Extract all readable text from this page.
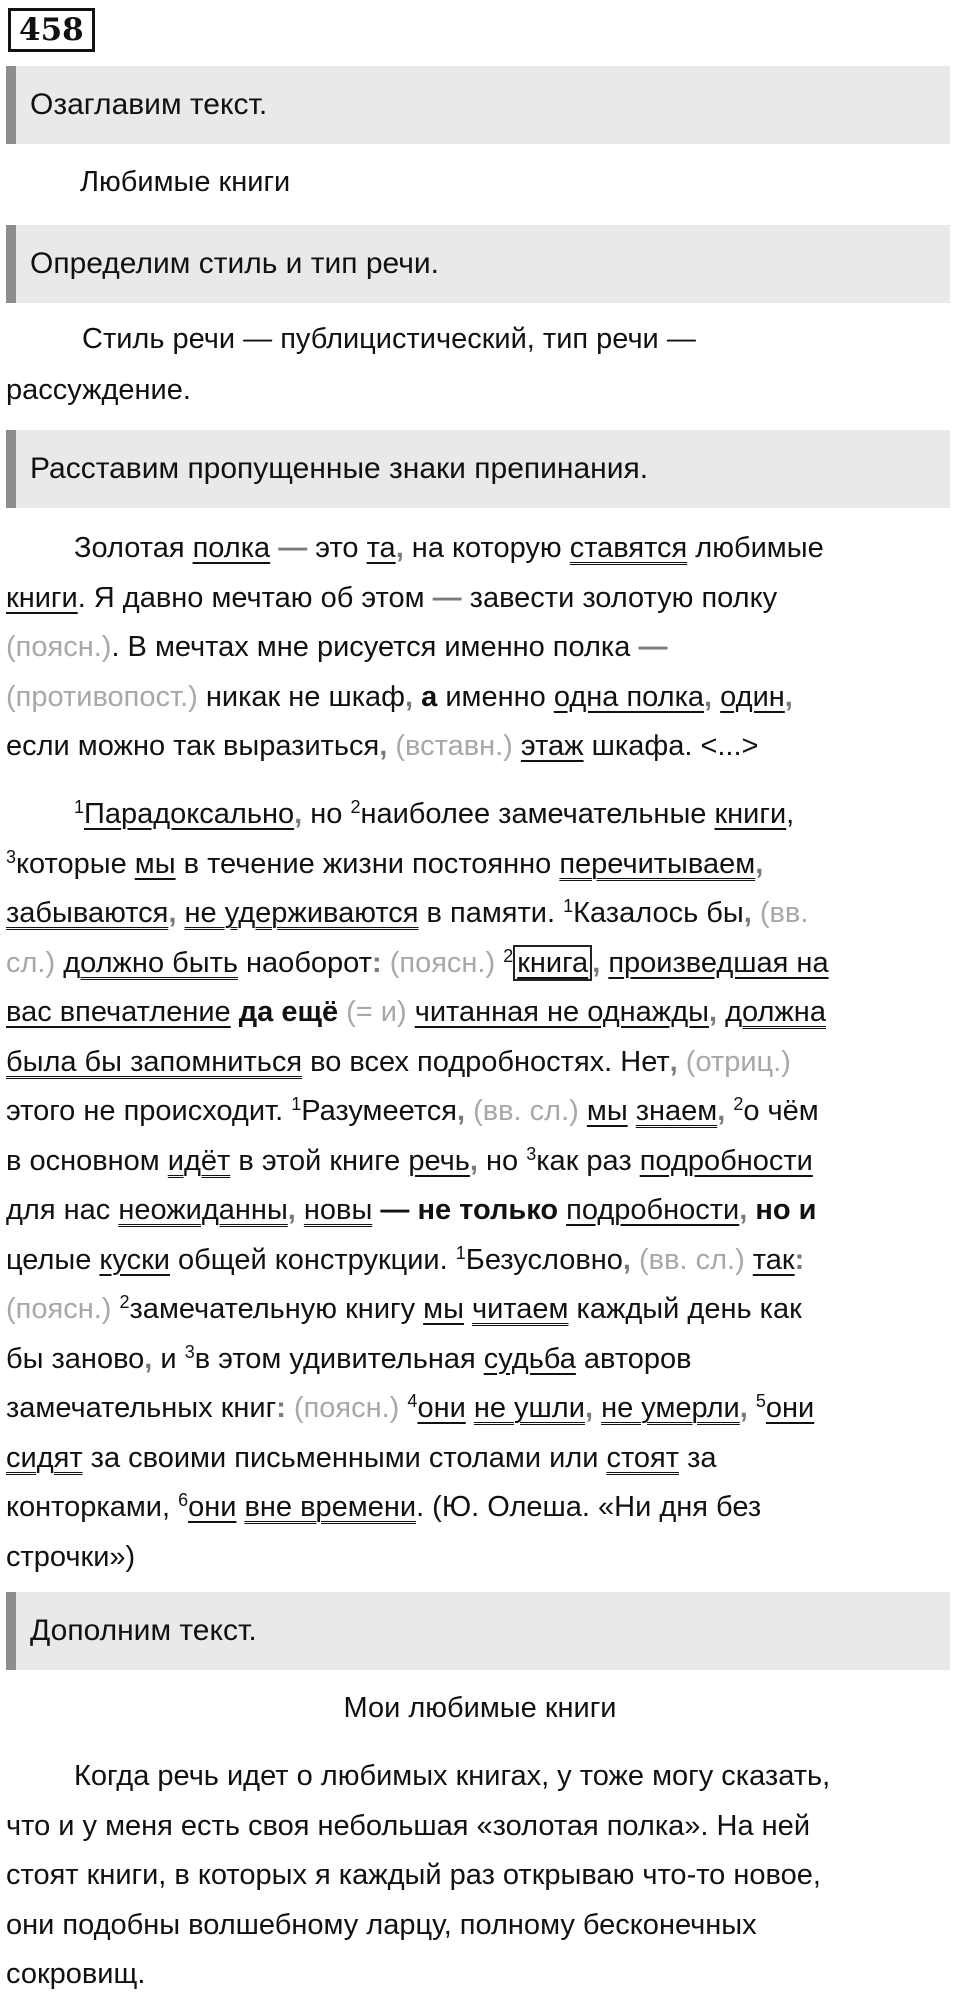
458
Озаглавим текст.
Любимые книги
Определим стиль и тип речи.
Стиль речи — публицистический, тип речи —
рассуждение.
Расставим пропущенные знаки препинания.
Золотая полка — это та, на которую ставятся любимые
книги. Я давно мечтаю об этом — завести золотую полку
(поясн.). В мечтах мне рисуется именно полка —
(противопост.) никак не шкаф, а именно одна полка, один,
если можно так выразиться, (вставн.) этаж шкафа. <...>
$^1$Парадоксально, но $^2$наиболее замечательные книги,
$^3$которые мы в течение жизни постоянно перечитываем,
забываются, не удерживаются в памяти. $^1$Казалось бы, (вв.
сл.) должно быть наоборот: (поясн.) $^2$ книга , произведшая на
вас впечатление да ещё (= и) читанная не однажды, должна
была бы запомниться во всех подробностях. Нет, (отриц.)
этого не происходит. $^1$Разумеется, (вв. сл.) мы знаем, $^2$о чём
в основном идёт в этой книге речь, но $^3$как раз подробности
для нас неожиданны, новы — не только подробности, но и
целые куски общей конструкции. $^1$Безусловно, (вв. сл.) так:
(поясн.) $^2$замечательную книгу мы читаем каждый день как
бы заново, и $^3$в этом удивительная судьба авторов
замечательных книг: (поясн.) $^4$они не ушли, не умерли, $^5$они
сидят за своими письменными столами или стоят за
конторками, $^6$они вне времени. (Ю. Олеша. «Ни дня без
строчки»)
Дополним текст.
Мои любимые книги
Когда речь идет о любимых книгах, у тоже могу сказать,
что и у меня есть своя небольшая «золотая полка». На ней
стоят книги, в которых я каждый раз открываю что-то новое,
они подобны волшебному ларцу, полному бесконечных
сокровищ.
